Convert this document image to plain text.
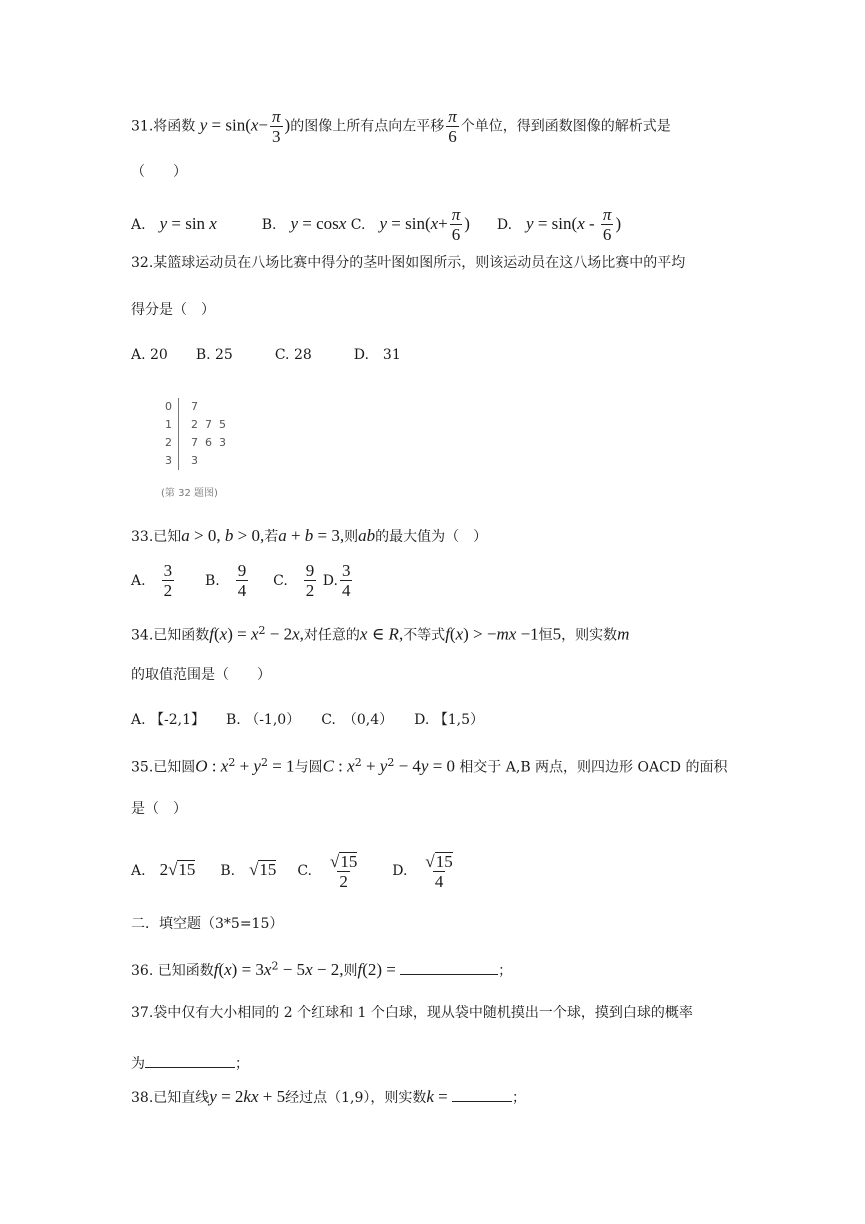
31.将函数 $y = \sin(x- \frac{\pi}{3}$ )的图像上所有点向左平移 $\frac{\pi}{6}$ 个单位，得到函数图像的解析式是
（　　）
A.　 y = sin x	B.　 y = cosx C.　 $y = \sin(x+ \frac{\pi}{6}$ ) D.　 $y = \sin(x - \frac{\pi}{6}$ )
32.某篮球运动员在八场比赛中得分的茎叶图如图所示，则该运动员在这八场比赛中的平均
得分是（　）
A. 20　　B. 25　　　C. 28　　　D.　31
0 7
1 2  7  5
2 7  6  3
3 3
(第 32 题图)
33.已知a > 0, b > 0,若a + b = 3,则ab的最大值为（　）
A.　 $\frac{3}{2} B$.　 $\frac{9}{4} C$.　 $\frac{9}{2} D$. $\frac{3}{4}$
34.已知函数$f(x) = x^2 - 2x$,对任意的x ∈ R,不等式f(x) > −mx −1恒5，则实数m
的取值范围是（　　）
A. 【-2,1】　　B. （-1,0）　　C.　（0,4）　　D. 【1,5）
35.已知圆O : $x^2 + y^2 = 1$与圆C : $x^2 + y^2 - 4y = 0$ 相交于 A,B 两点，则四边形 OACD 的面积
是（　）
A.　 2√15 B.　 √15 C.　 $\frac{√15}{2} D$.　 $\frac{√15}{4}$
二．填空题（3*5=15）
36. 已知函数$f(x) = 3x^2 - 5x - 2$,则f(2) =	；
37.袋中仅有大小相同的 2 个红球和 1 个白球，现从袋中随机摸出一个球，摸到白球的概率
为	；
38.已知直线y = 2kx + 5经过点（1,9），则实数k =	；
